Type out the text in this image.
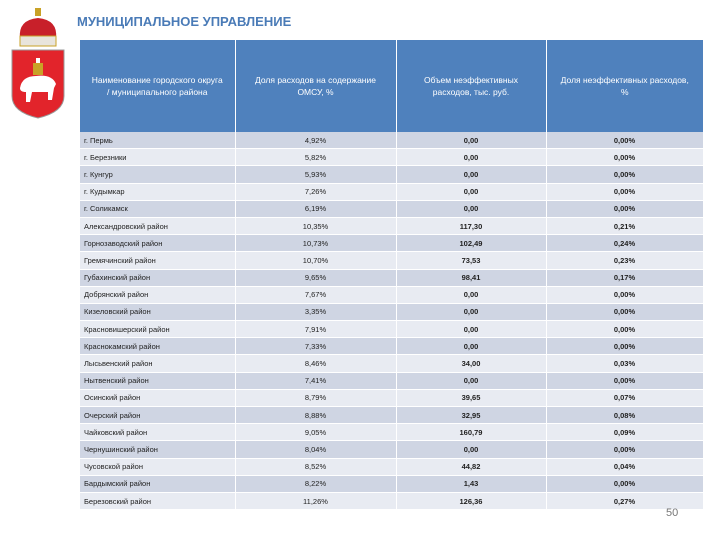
МУНИЦИПАЛЬНОЕ УПРАВЛЕНИЕ
Наименование городского округа / муниципального района	Доля расходов на содержание ОМСУ, %	Объем неэффективных расходов, тыс. руб.	Доля неэффективных расходов, %
г. Пермь	4,92%	0,00	0,00%
г. Березники	5,82%	0,00	0,00%
г. Кунгур	5,93%	0,00	0,00%
г. Кудымкар	7,26%	0,00	0,00%
г. Соликамск	6,19%	0,00	0,00%
Александровский район	10,35%	117,30	0,21%
Горнозаводский район	10,73%	102,49	0,24%
Гремячинский район	10,70%	73,53	0,23%
Губахинский район	9,65%	98,41	0,17%
Добрянский район	7,67%	0,00	0,00%
Кизеловский район	3,35%	0,00	0,00%
Красновишерский район	7,91%	0,00	0,00%
Краснокамский район	7,33%	0,00	0,00%
Лысьвенский район	8,46%	34,00	0,03%
Нытвенский район	7,41%	0,00	0,00%
Осинский район	8,79%	39,65	0,07%
Очерский район	8,88%	32,95	0,08%
Чайковский район	9,05%	160,79	0,09%
Чернушинский район	8,04%	0,00	0,00%
Чусовской район	8,52%	44,82	0,04%
Бардымский район	8,22%	1,43	0,00%
Березовский район	11,26%	126,36	0,27%
50
